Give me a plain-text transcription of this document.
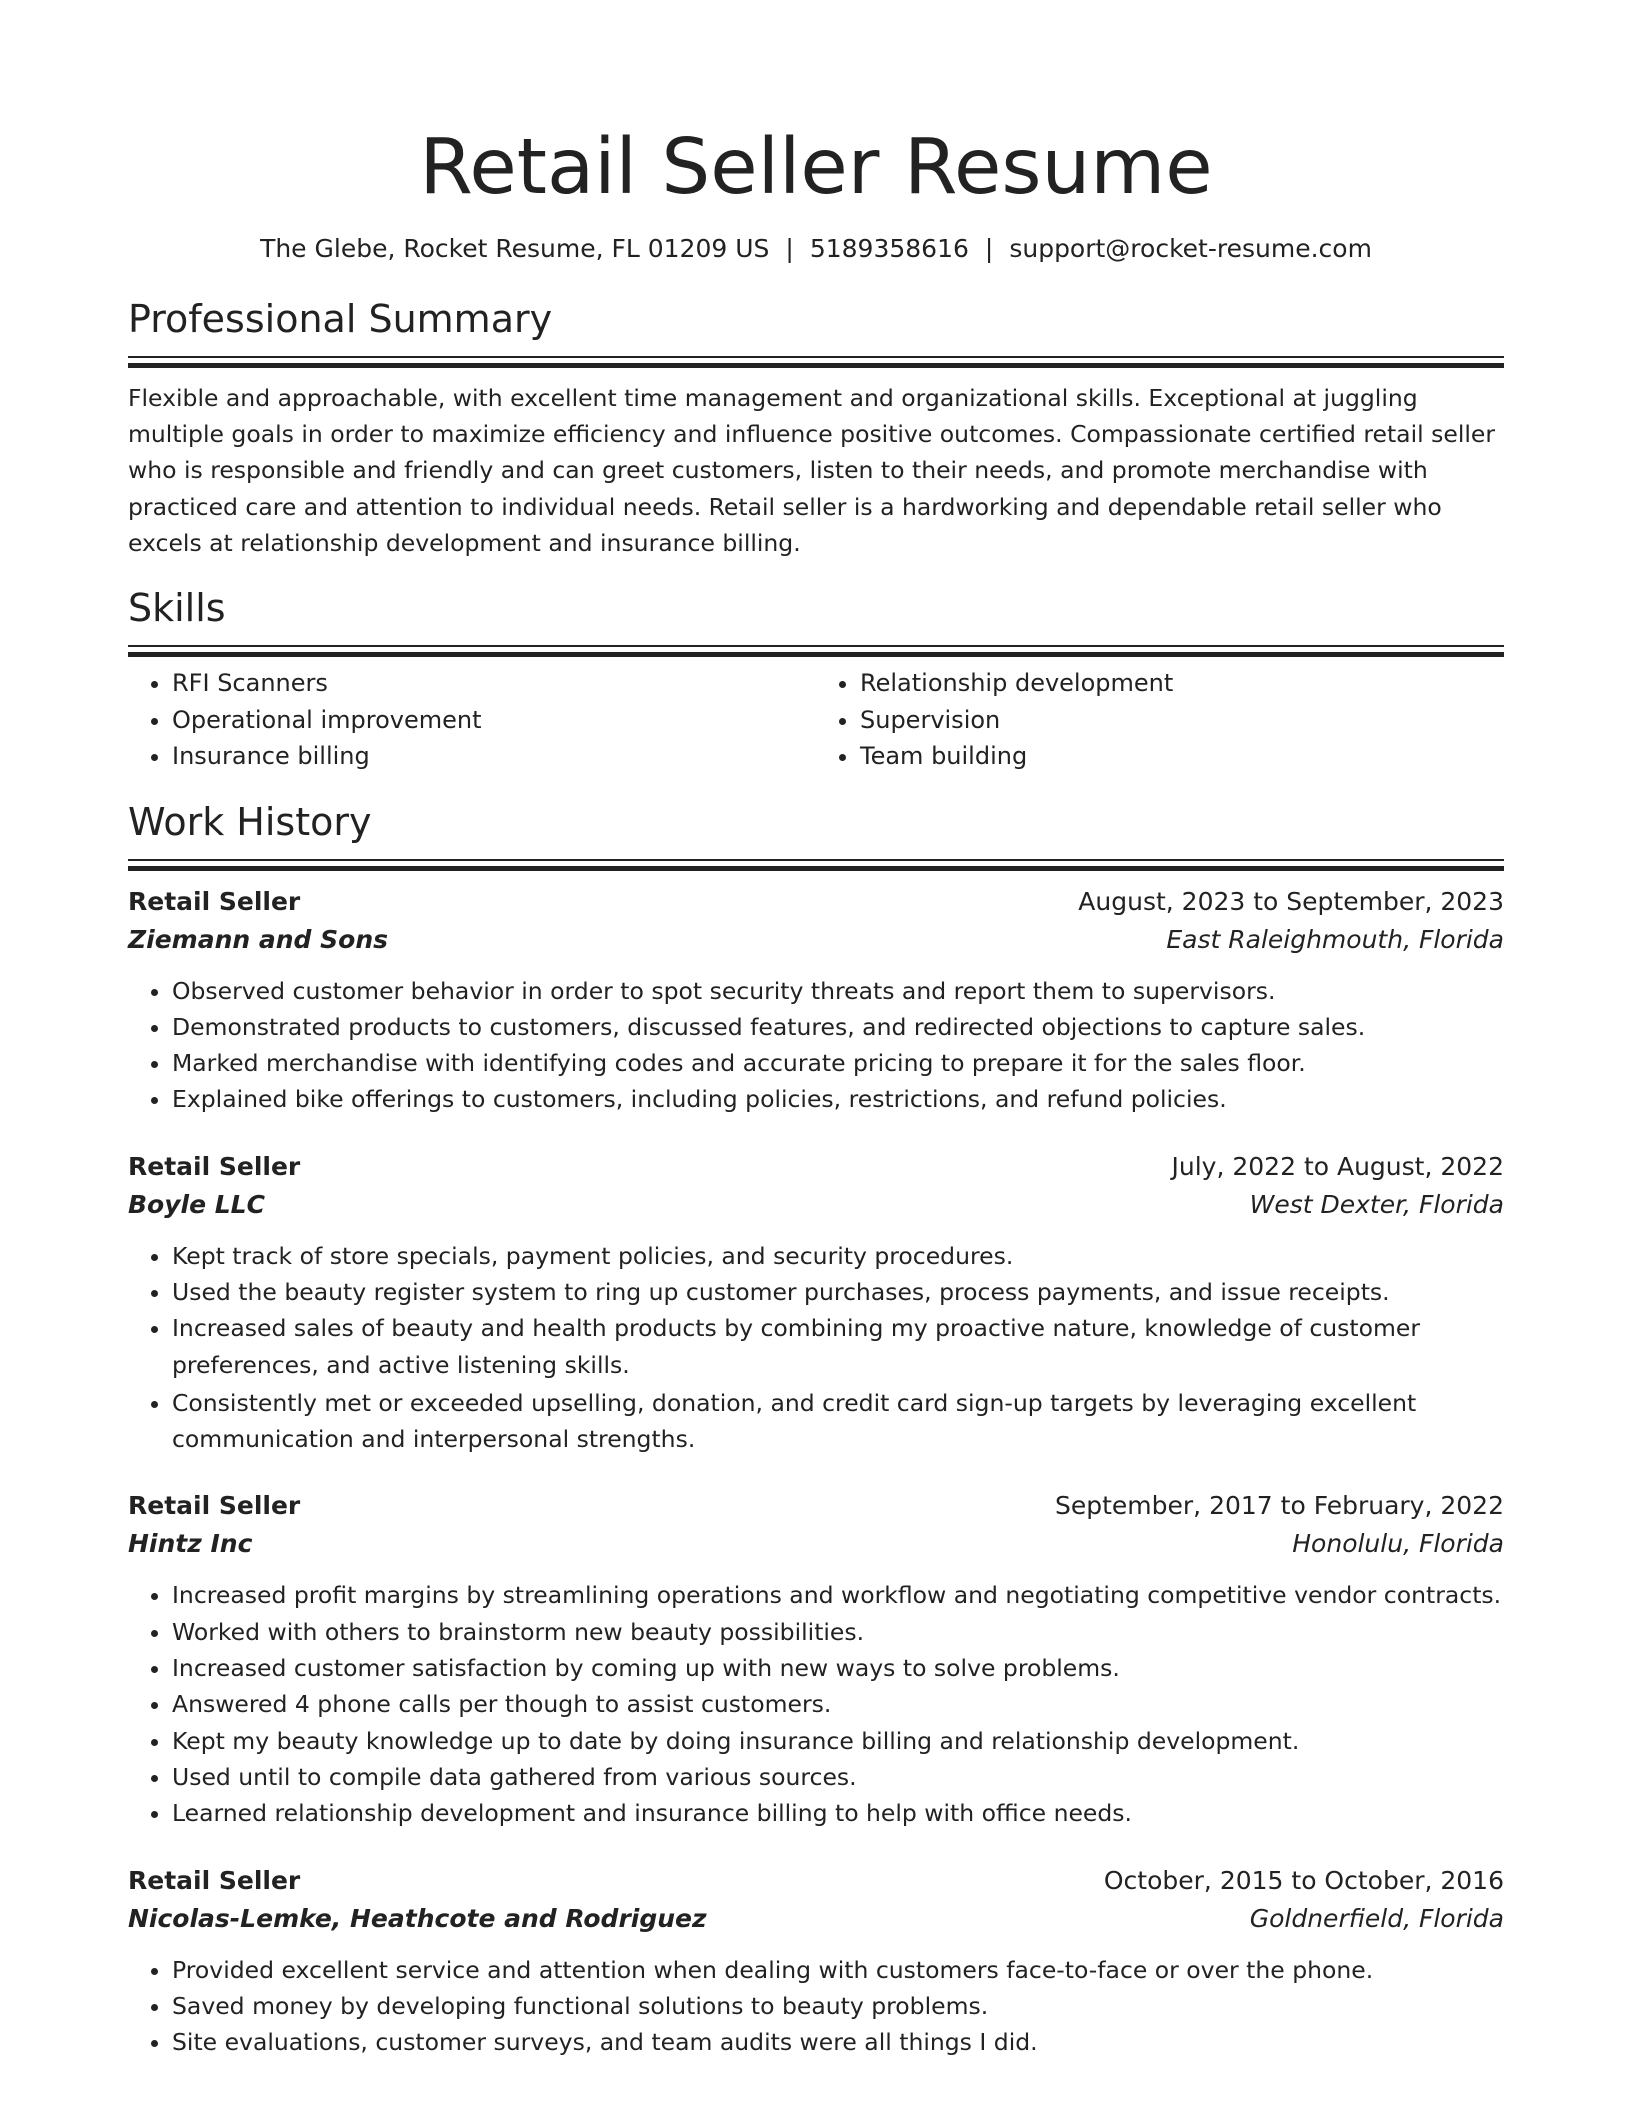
Retail Seller Resume
The Glebe, Rocket Resume, FL 01209 US | 5189358616 | support@rocket-resume.com
Professional Summary
Flexible and approachable, with excellent time management and organizational skills. Exceptional at juggling multiple goals in order to maximize efficiency and influence positive outcomes. Compassionate certified retail seller who is responsible and friendly and can greet customers, listen to their needs, and promote merchandise with practiced care and attention to individual needs. Retail seller is a hardworking and dependable retail seller who excels at relationship development and insurance billing.
Skills
• RFI Scanners
• Operational improvement
• Insurance billing
• Relationship development
• Supervision
• Team building
Work History
Retail Seller	August, 2023 to September, 2023
Ziemann and Sons	East Raleighmouth, Florida
• Observed customer behavior in order to spot security threats and report them to supervisors.
• Demonstrated products to customers, discussed features, and redirected objections to capture sales.
• Marked merchandise with identifying codes and accurate pricing to prepare it for the sales floor.
• Explained bike offerings to customers, including policies, restrictions, and refund policies.
Retail Seller	July, 2022 to August, 2022
Boyle LLC	West Dexter, Florida
• Kept track of store specials, payment policies, and security procedures.
• Used the beauty register system to ring up customer purchases, process payments, and issue receipts.
• Increased sales of beauty and health products by combining my proactive nature, knowledge of customer preferences, and active listening skills.
• Consistently met or exceeded upselling, donation, and credit card sign-up targets by leveraging excellent communication and interpersonal strengths.
Retail Seller	September, 2017 to February, 2022
Hintz Inc	Honolulu, Florida
• Increased profit margins by streamlining operations and workflow and negotiating competitive vendor contracts.
• Worked with others to brainstorm new beauty possibilities.
• Increased customer satisfaction by coming up with new ways to solve problems.
• Answered 4 phone calls per though to assist customers.
• Kept my beauty knowledge up to date by doing insurance billing and relationship development.
• Used until to compile data gathered from various sources.
• Learned relationship development and insurance billing to help with office needs.
Retail Seller	October, 2015 to October, 2016
Nicolas-Lemke, Heathcote and Rodriguez	Goldnerfield, Florida
• Provided excellent service and attention when dealing with customers face-to-face or over the phone.
• Saved money by developing functional solutions to beauty problems.
• Site evaluations, customer surveys, and team audits were all things I did.
